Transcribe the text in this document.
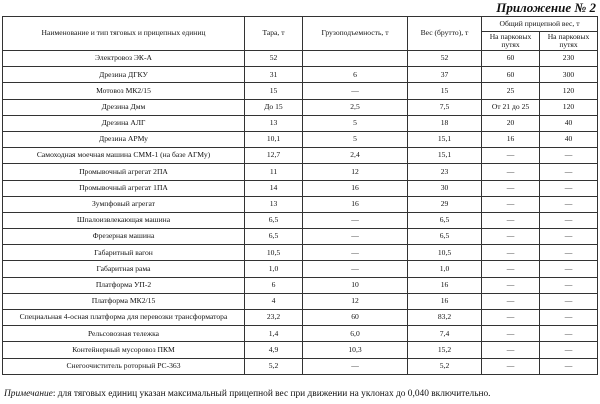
Приложение № 2
Наименование и тип тяговых и прицепных единиц	Тара, т	Грузоподъемность, т	Вес (брутто), т	Общий прицепной вес, т	
				На парковых путях	На парковых путях
Электровоз ЭК-А	52		52	60	230
Дрезина ДГКУ	31	6	37	60	300
Мотовоз МК2/15	15	—	15	25	120
Дрезина Дмм	До 15	2,5	7,5	От 21 до 25	120
Дрезина АЛГ	13	5	18	20	40
Дрезина АРМу	10,1	5	15,1	16	40
Самоходная моечная машина СММ-1 (на базе АГМу)	12,7	2,4	15,1	—	—
Промывочный агрегат 2ПА	11	12	23	—	—
Промывочный агрегат 1ПА	14	16	30	—	—
Зумпфовый агрегат	13	16	29	—	—
Шпалоизвлекающая машина	6,5	—	6,5	—	—
Фрезерная машина	6,5	—	6,5	—	—
Габаритный вагон	10,5	—	10,5	—	—
Габаритная рама	1,0	—	1,0	—	—
Платформа УП-2	6	10	16	—	—
Платформа МК2/15	4	12	16	—	—
Специальная 4-осная платформа для перевозки трансформатора	23,2	60	83,2	—	—
Рельсовозная тележка	1,4	6,0	7,4	—	—
Контейнерный мусоровоз ПКМ	4,9	10,3	15,2	—	—
Снегоочиститель роторный РС-363	5,2	—	5,2	—	—
Примечание: для тяговых единиц указан максимальный прицепной вес при движении на уклонах до 0,040 включительно.
